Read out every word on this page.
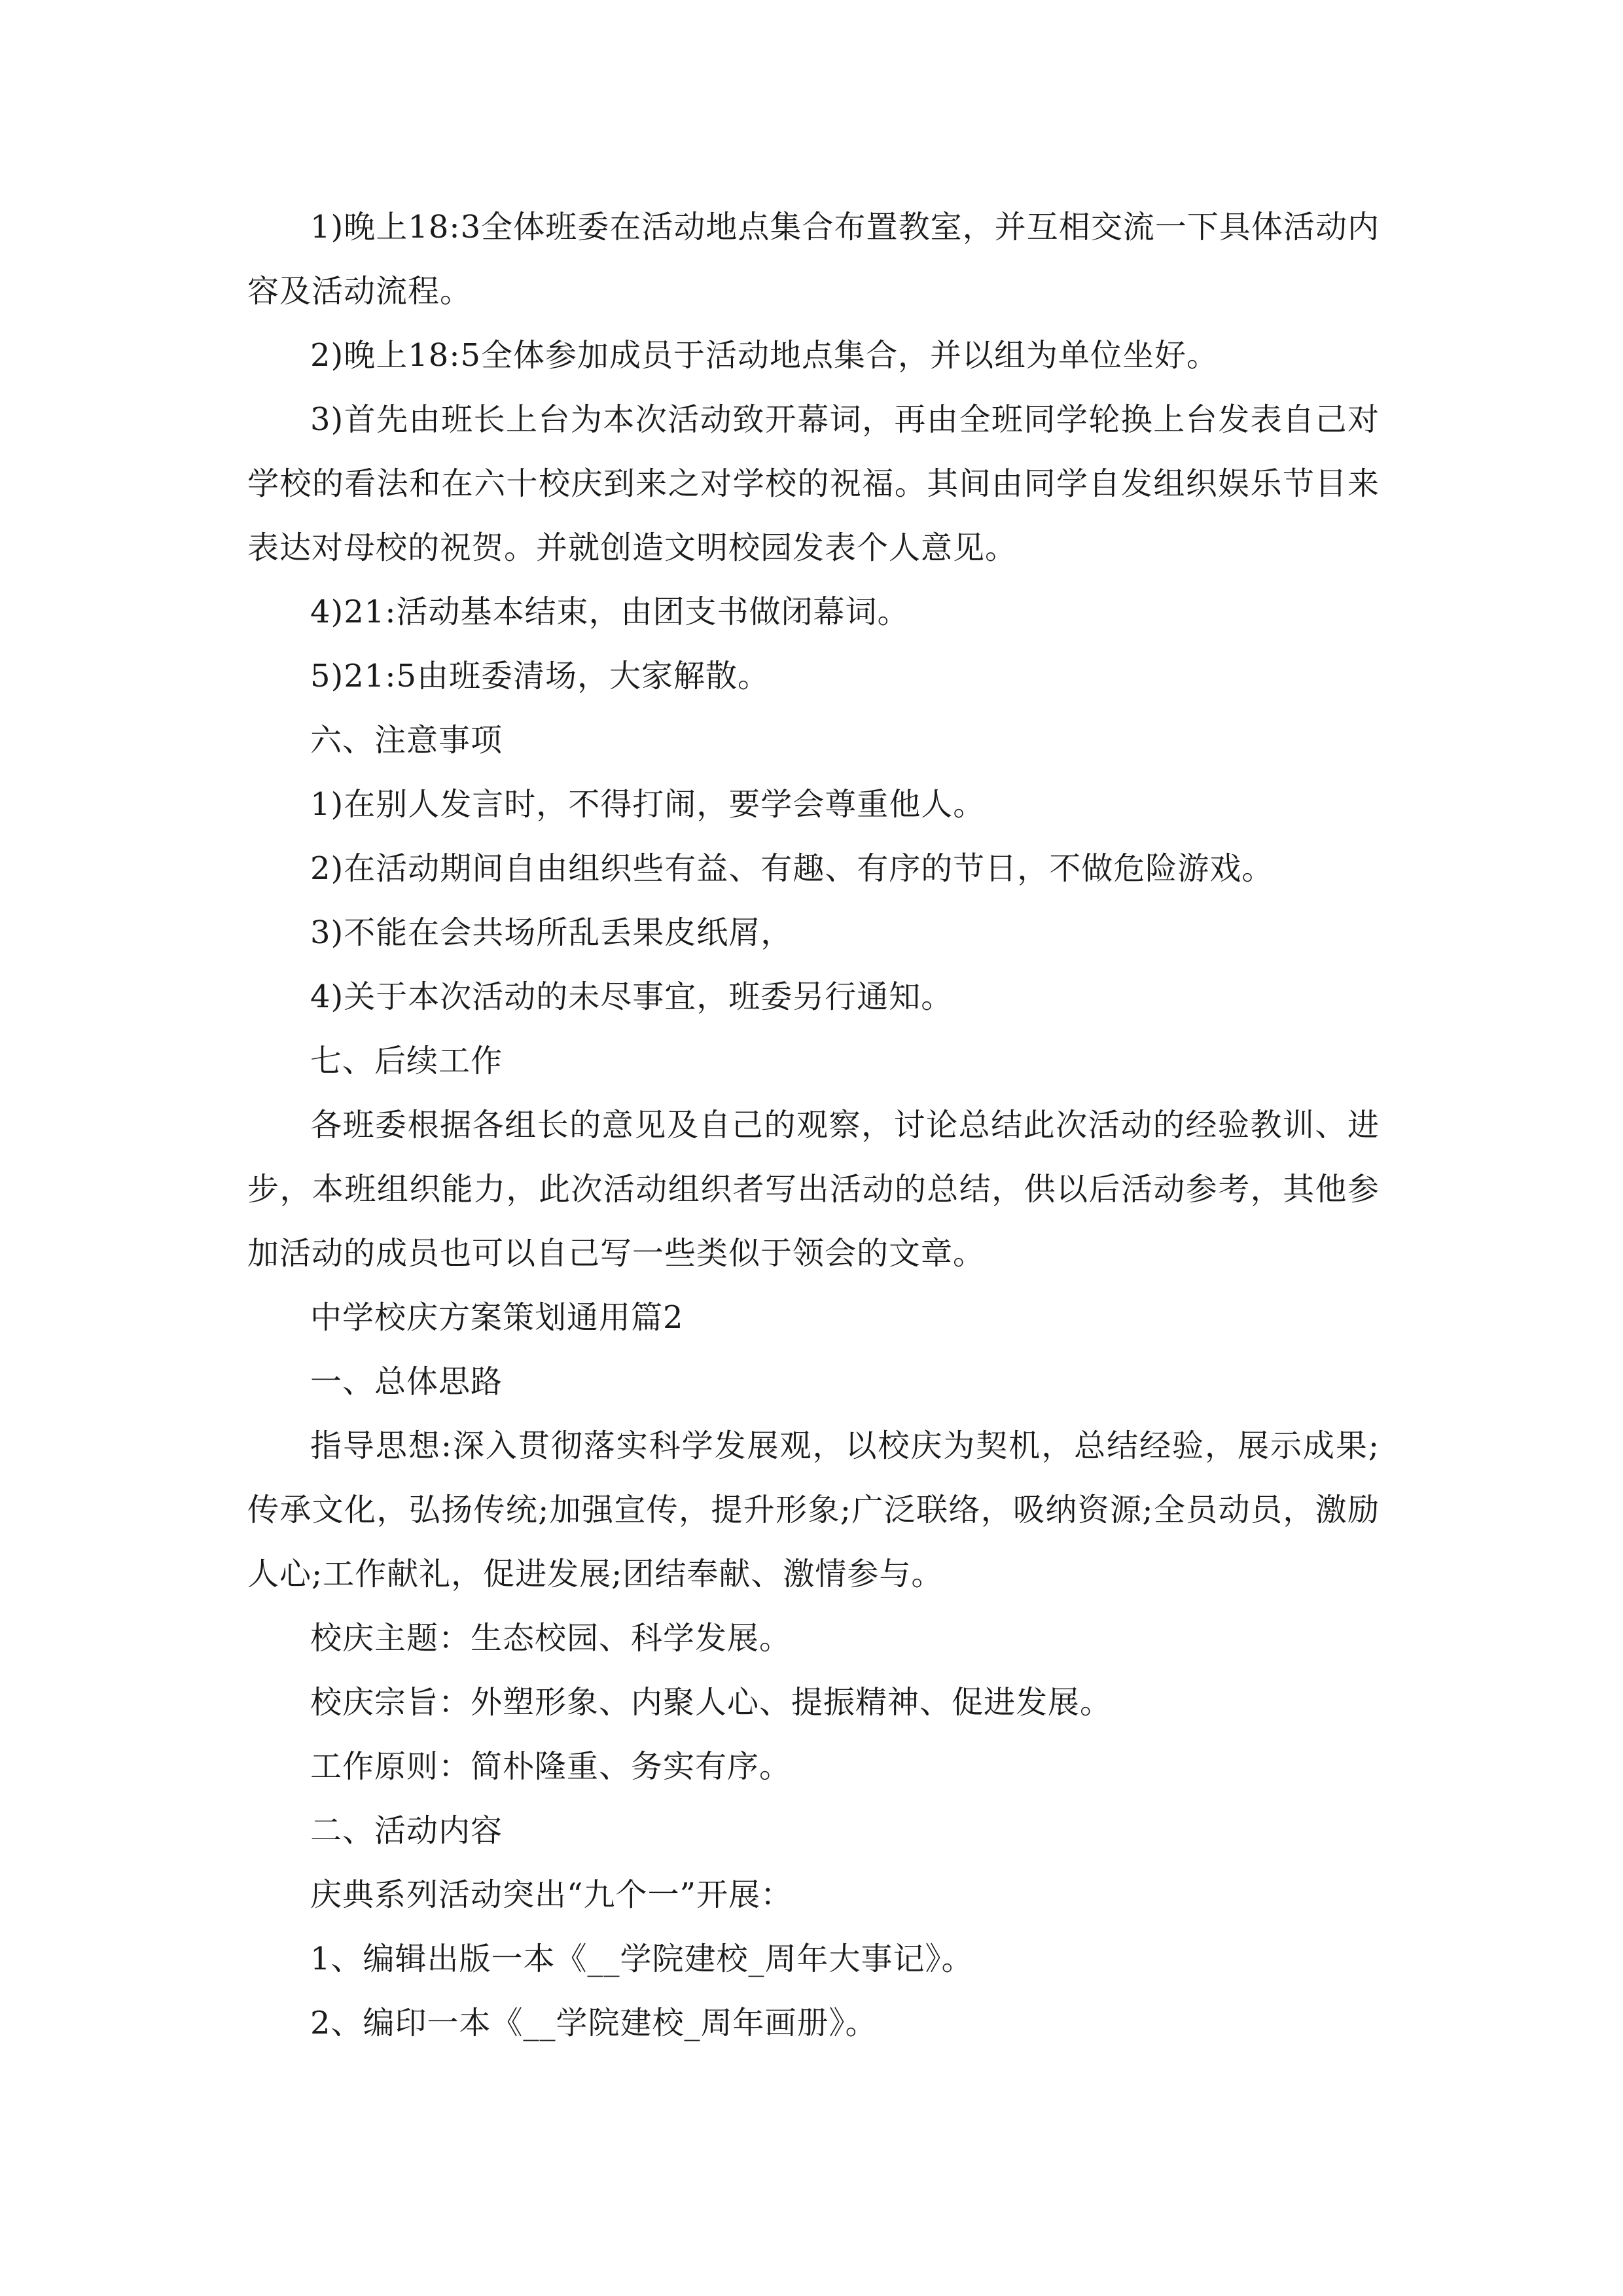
1)晚上18:3全体班委在活动地点集合布置教室，并互相交流一下具体活动内容及活动流程。

2)晚上18:5全体参加成员于活动地点集合，并以组为单位坐好。

3)首先由班长上台为本次活动致开幕词，再由全班同学轮换上台发表自己对学校的看法和在六十校庆到来之对学校的祝福。其间由同学自发组织娱乐节目来表达对母校的祝贺。并就创造文明校园发表个人意见。

4)21:活动基本结束，由团支书做闭幕词。

5)21:5由班委清场，大家解散。

六、注意事项

1)在别人发言时，不得打闹，要学会尊重他人。

2)在活动期间自由组织些有益、有趣、有序的节日，不做危险游戏。

3)不能在会共场所乱丢果皮纸屑，

4)关于本次活动的未尽事宜，班委另行通知。

七、后续工作

各班委根据各组长的意见及自己的观察，讨论总结此次活动的经验教训、进步，本班组织能力，此次活动组织者写出活动的总结，供以后活动参考，其他参加活动的成员也可以自己写一些类似于领会的文章。

中学校庆方案策划通用篇2

一、总体思路

指导思想:深入贯彻落实科学发展观，以校庆为契机，总结经验，展示成果;传承文化，弘扬传统;加强宣传，提升形象;广泛联络，吸纳资源;全员动员，激励人心;工作献礼，促进发展;团结奉献、激情参与。

校庆主题：生态校园、科学发展。

校庆宗旨：外塑形象、内聚人心、提振精神、促进发展。

工作原则：简朴隆重、务实有序。

二、活动内容

庆典系列活动突出“九个一”开展：

1、编辑出版一本《__学院建校_周年大事记》。

2、编印一本《__学院建校_周年画册》。
